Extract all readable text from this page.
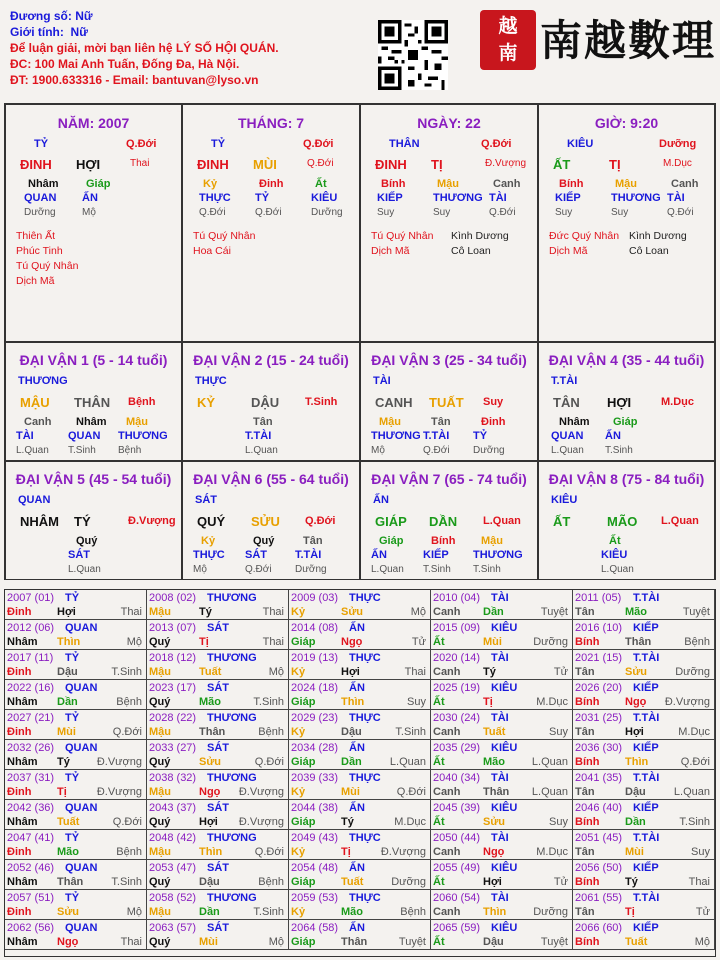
Đương số: Nữ
Giới tính: Nữ
Để luận giải, mời bạn liên hệ LÝ SỐ HỘI QUÁN.
ĐC: 100 Mai Anh Tuấn, Đống Đa, Hà Nội.
ĐT: 1900.633316 - Email: bantuvan@lyso.vn
越
南 南越數理
NĂM: 2007
TỶ	Q.Đới
ĐINH HỢI	Thai
Nhâm
QUAN
Dưỡng
Giáp
ẤN
Mộ
Thiên Ất
Phúc Tinh
Tú Quý Nhân
Dịch Mã
THÁNG: 7
TỶ	Q.Đới
ĐINH MÙI	Q.Đới
Kỷ
THỰC
Q.Đới
Đinh
TỶ
Q.Đới
Ất
KIÊU
Dưỡng
Tú Quý Nhân
Hoa Cái
NGÀY: 22
THÂN	Q.Đới
ĐINH TỊ	Đ.Vượng
Bính
KIẾP
Suy
Mậu
THƯƠNG
Suy
Canh
TÀI
Q.Đới
Tú Quý Nhân Kình Dương
Dịch Mã	Cô Loan
GIỜ: 9:20
KIÊU	Dưỡng
ẤT	TỊ	M.Dục
Bính
KIẾP
Suy
Mậu
THƯƠNG
Suy
Canh
TÀI
Q.Đới
Đức Quý Nhân Kình Dương
Dịch Mã	Cô Loan
ĐẠI VẬN 1 (5 - 14 tuổi)
THƯƠNG
MẬU THÂN Bệnh
Canh
TÀI
L.Quan
Nhâm
QUAN
T.Sinh
Mậu
THƯƠNG
Bệnh
ĐẠI VẬN 2 (15 - 24 tuổi)
THỰC
KỶ	DẬU T.Sinh
Tân
T.TÀI
L.Quan
ĐẠI VẬN 3 (25 - 34 tuổi)
TÀI
CANH TUẤT Suy
Mậu
THƯƠNG
Mộ
Tân
T.TÀI
Q.Đới
Đinh
TỶ
Dưỡng
ĐẠI VẬN 4 (35 - 44 tuổi)
T.TÀI
TÂN HỢI	M.Dục
Nhâm
QUAN
L.Quan
Giáp
ẤN
T.Sinh
ĐẠI VẬN 5 (45 - 54 tuổi)
QUAN
NHÂM TÝ	Đ.Vượng
Quý
SÁT
L.Quan
ĐẠI VẬN 6 (55 - 64 tuổi)
SÁT
QUÝ SỬU Q.Đới
Kỷ
THỰC
Mộ
Quý
SÁT
Q.Đới
Tân
T.TÀI
Dưỡng
ĐẠI VẬN 7 (65 - 74 tuổi)
ẤN
GIÁP DẦN L.Quan
Giáp
ẤN
L.Quan
Bính
KIẾP
T.Sinh
Mậu
THƯƠNG
T.Sinh
ĐẠI VẬN 8 (75 - 84 tuổi)
KIÊU
ẤT	MÃO L.Quan
Ất
KIÊU
L.Quan
2007 (01) TỶ
Đinh Hợi	Thai
2008 (02) THƯƠNG
Mậu	Tý	Thai
2009 (03) THỰC
Kỷ	Sửu	Mộ
2010 (04) TÀI
Canh Dần	Tuyệt
2011 (05) T.TÀI
Tân	Mão	Tuyệt
2012 (06) QUAN
Nhâm Thìn	Mộ
2013 (07) SÁT
Quý	Tị	Thai
2014 (08) ẤN
Giáp Ngọ	Tử
2015 (09) KIÊU
Ất	Mùi	Dưỡng
2016 (10) KIẾP
Bính Thân	Bệnh
2017 (11) TỶ
Đinh Dậu	T.Sinh
2018 (12) THƯƠNG
Mậu	Tuất	Mộ
2019 (13) THỰC
Kỷ	Hợi	Thai
2020 (14) TÀI
Canh Tý	Tử
2021 (15) T.TÀI
Tân	Sửu	Dưỡng
2022 (16) QUAN
Nhâm Dần	Bệnh
2023 (17) SÁT
Quý	Mão	T.Sinh
2024 (18) ẤN
Giáp Thìn	Suy
2025 (19) KIÊU
Ất	Tị	M.Dục
2026 (20) KIẾP
Bính Ngọ Đ.Vượng
2027 (21) TỶ
Đinh Mùi	Q.Đới
2028 (22) THƯƠNG
Mậu	Thân	Bệnh
2029 (23) THỰC
Kỷ	Dậu	T.Sinh
2030 (24) TÀI
Canh Tuất	Suy
2031 (25) T.TÀI
Tân	Hợi	M.Dục
2032 (26) QUAN
Nhâm Tý Đ.Vượng
2033 (27) SÁT
Quý	Sửu	Q.Đới
2034 (28) ẤN
Giáp Dần	L.Quan
2035 (29) KIÊU
Ất	Mão L.Quan
2036 (30) KIẾP
Bính Thìn	Q.Đới
2037 (31) TỶ
Đinh Tị	Đ.Vượng
2038 (32) THƯƠNG
Mậu	Ngọ Đ.Vượng
2039 (33) THỰC
Kỷ	Mùi	Q.Đới
2040 (34) TÀI
Canh Thân L.Quan
2041 (35) T.TÀI
Tân	Dậu	L.Quan
2042 (36) QUAN
Nhâm Tuất	Q.Đới
2043 (37) SÁT
Quý	Hợi Đ.Vượng
2044 (38) ẤN
Giáp Tý	M.Dục
2045 (39) KIÊU
Ất	Sửu	Suy
2046 (40) KIẾP
Bính Dần	T.Sinh
2047 (41) TỶ
Đinh Mão	Bệnh
2048 (42) THƯƠNG
Mậu	Thìn	Q.Đới
2049 (43) THỰC
Kỷ	Tị	Đ.Vượng
2050 (44) TÀI
Canh Ngọ	M.Dục
2051 (45) T.TÀI
Tân	Mùi	Suy
2052 (46) QUAN
Nhâm Thân	T.Sinh
2053 (47) SÁT
Quý	Dậu	Bệnh
2054 (48) ẤN
Giáp Tuất	Dưỡng
2055 (49) KIÊU
Ất	Hợi	Tử
2056 (50) KIẾP
Bính Tý	Thai
2057 (51) TỶ
Đinh Sửu	Mộ
2058 (52) THƯƠNG
Mậu	Dần	T.Sinh
2059 (53) THỰC
Kỷ	Mão	Bệnh
2060 (54) TÀI
Canh Thìn Dưỡng
2061 (55) T.TÀI
Tân	Tị	Tử
2062 (56) QUAN
Nhâm Ngọ	Thai
2063 (57) SÁT
Quý	Mùi	Mộ
2064 (58) ẤN
Giáp Thân	Tuyệt
2065 (59) KIÊU
Ất	Dậu	Tuyệt
2066 (60) KIẾP
Bính Tuất	Mộ
